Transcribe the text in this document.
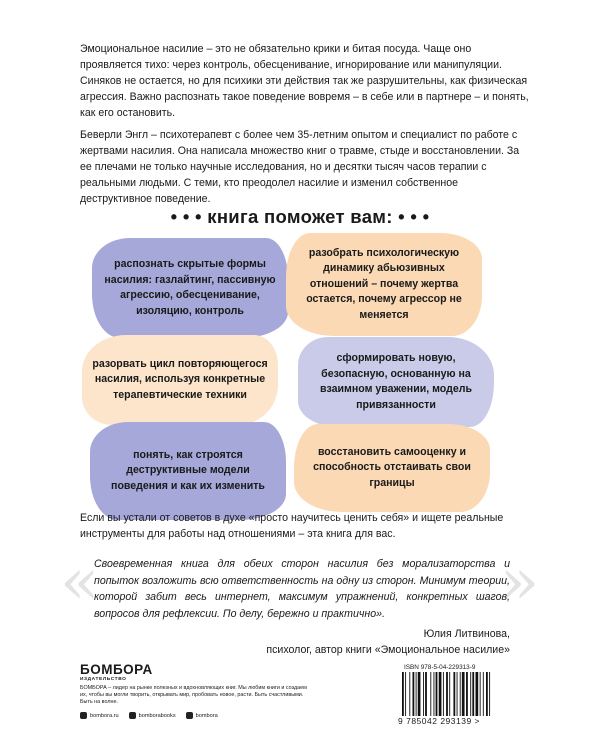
Эмоциональное насилие – это не обязательно крики и битая посуда. Чаще оно проявляется тихо: через контроль, обесценивание, игнорирование или манипуляции. Синяков не остается, но для психики эти действия так же разрушительны, как физическая агрессия. Важно распознать такое поведение вовремя – в себе или в партнере – и понять, как его остановить.

Беверли Энгл – психотерапевт с более чем 35-летним опытом и специалист по работе с жертвами насилия. Она написала множество книг о травме, стыде и восстановлении. За ее плечами не только научные исследования, но и десятки тысяч часов терапии с реальными людьми. С теми, кто преодолел насилие и изменил собственное деструктивное поведение.

• • • книга поможет вам: • • •
распознать скрытые формы насилия: газлайтинг, пассивную агрессию, обесценивание, изоляцию, контроль
разобрать психологическую динамику абьюзивных отношений – почему жертва остается, почему агрессор не меняется
разорвать цикл повторяющегося насилия, используя конкретные терапевтические техники
сформировать новую, безопасную, основанную на взаимном уважении, модель привязанности
понять, как строятся деструктивные модели поведения и как их изменить
восстановить самооценку и способность отстаивать свои границы

Если вы устали от советов в духе «просто научитесь ценить себя» и ищете реальные инструменты для работы над отношениями – эта книга для вас.

«	»

Своевременная книга для обеих сторон насилия без морализаторства и попыток возложить всю ответственность на одну из сторон. Минимум теории, которой забит весь интернет, максимум упражнений, конкретных шагов, вопросов для рефлексии. По делу, бережно и практично».

Юлия Литвинова,
психолог, автор книги «Эмоциональное насилие»
БОМБОРА
ИЗДАТЕЛЬСТВО
БОМБОРА – лидер на рынке полезных и вдохновляющих книг. Мы любим книги и создаем их, чтобы вы могли творить, открывать мир, пробовать новое, расти. Быть счастливыми. Быть на волне.
bombora.ru	bomborabooks	bombora
ISBN 978-5-04-229313-9
9 785042 293139 >
